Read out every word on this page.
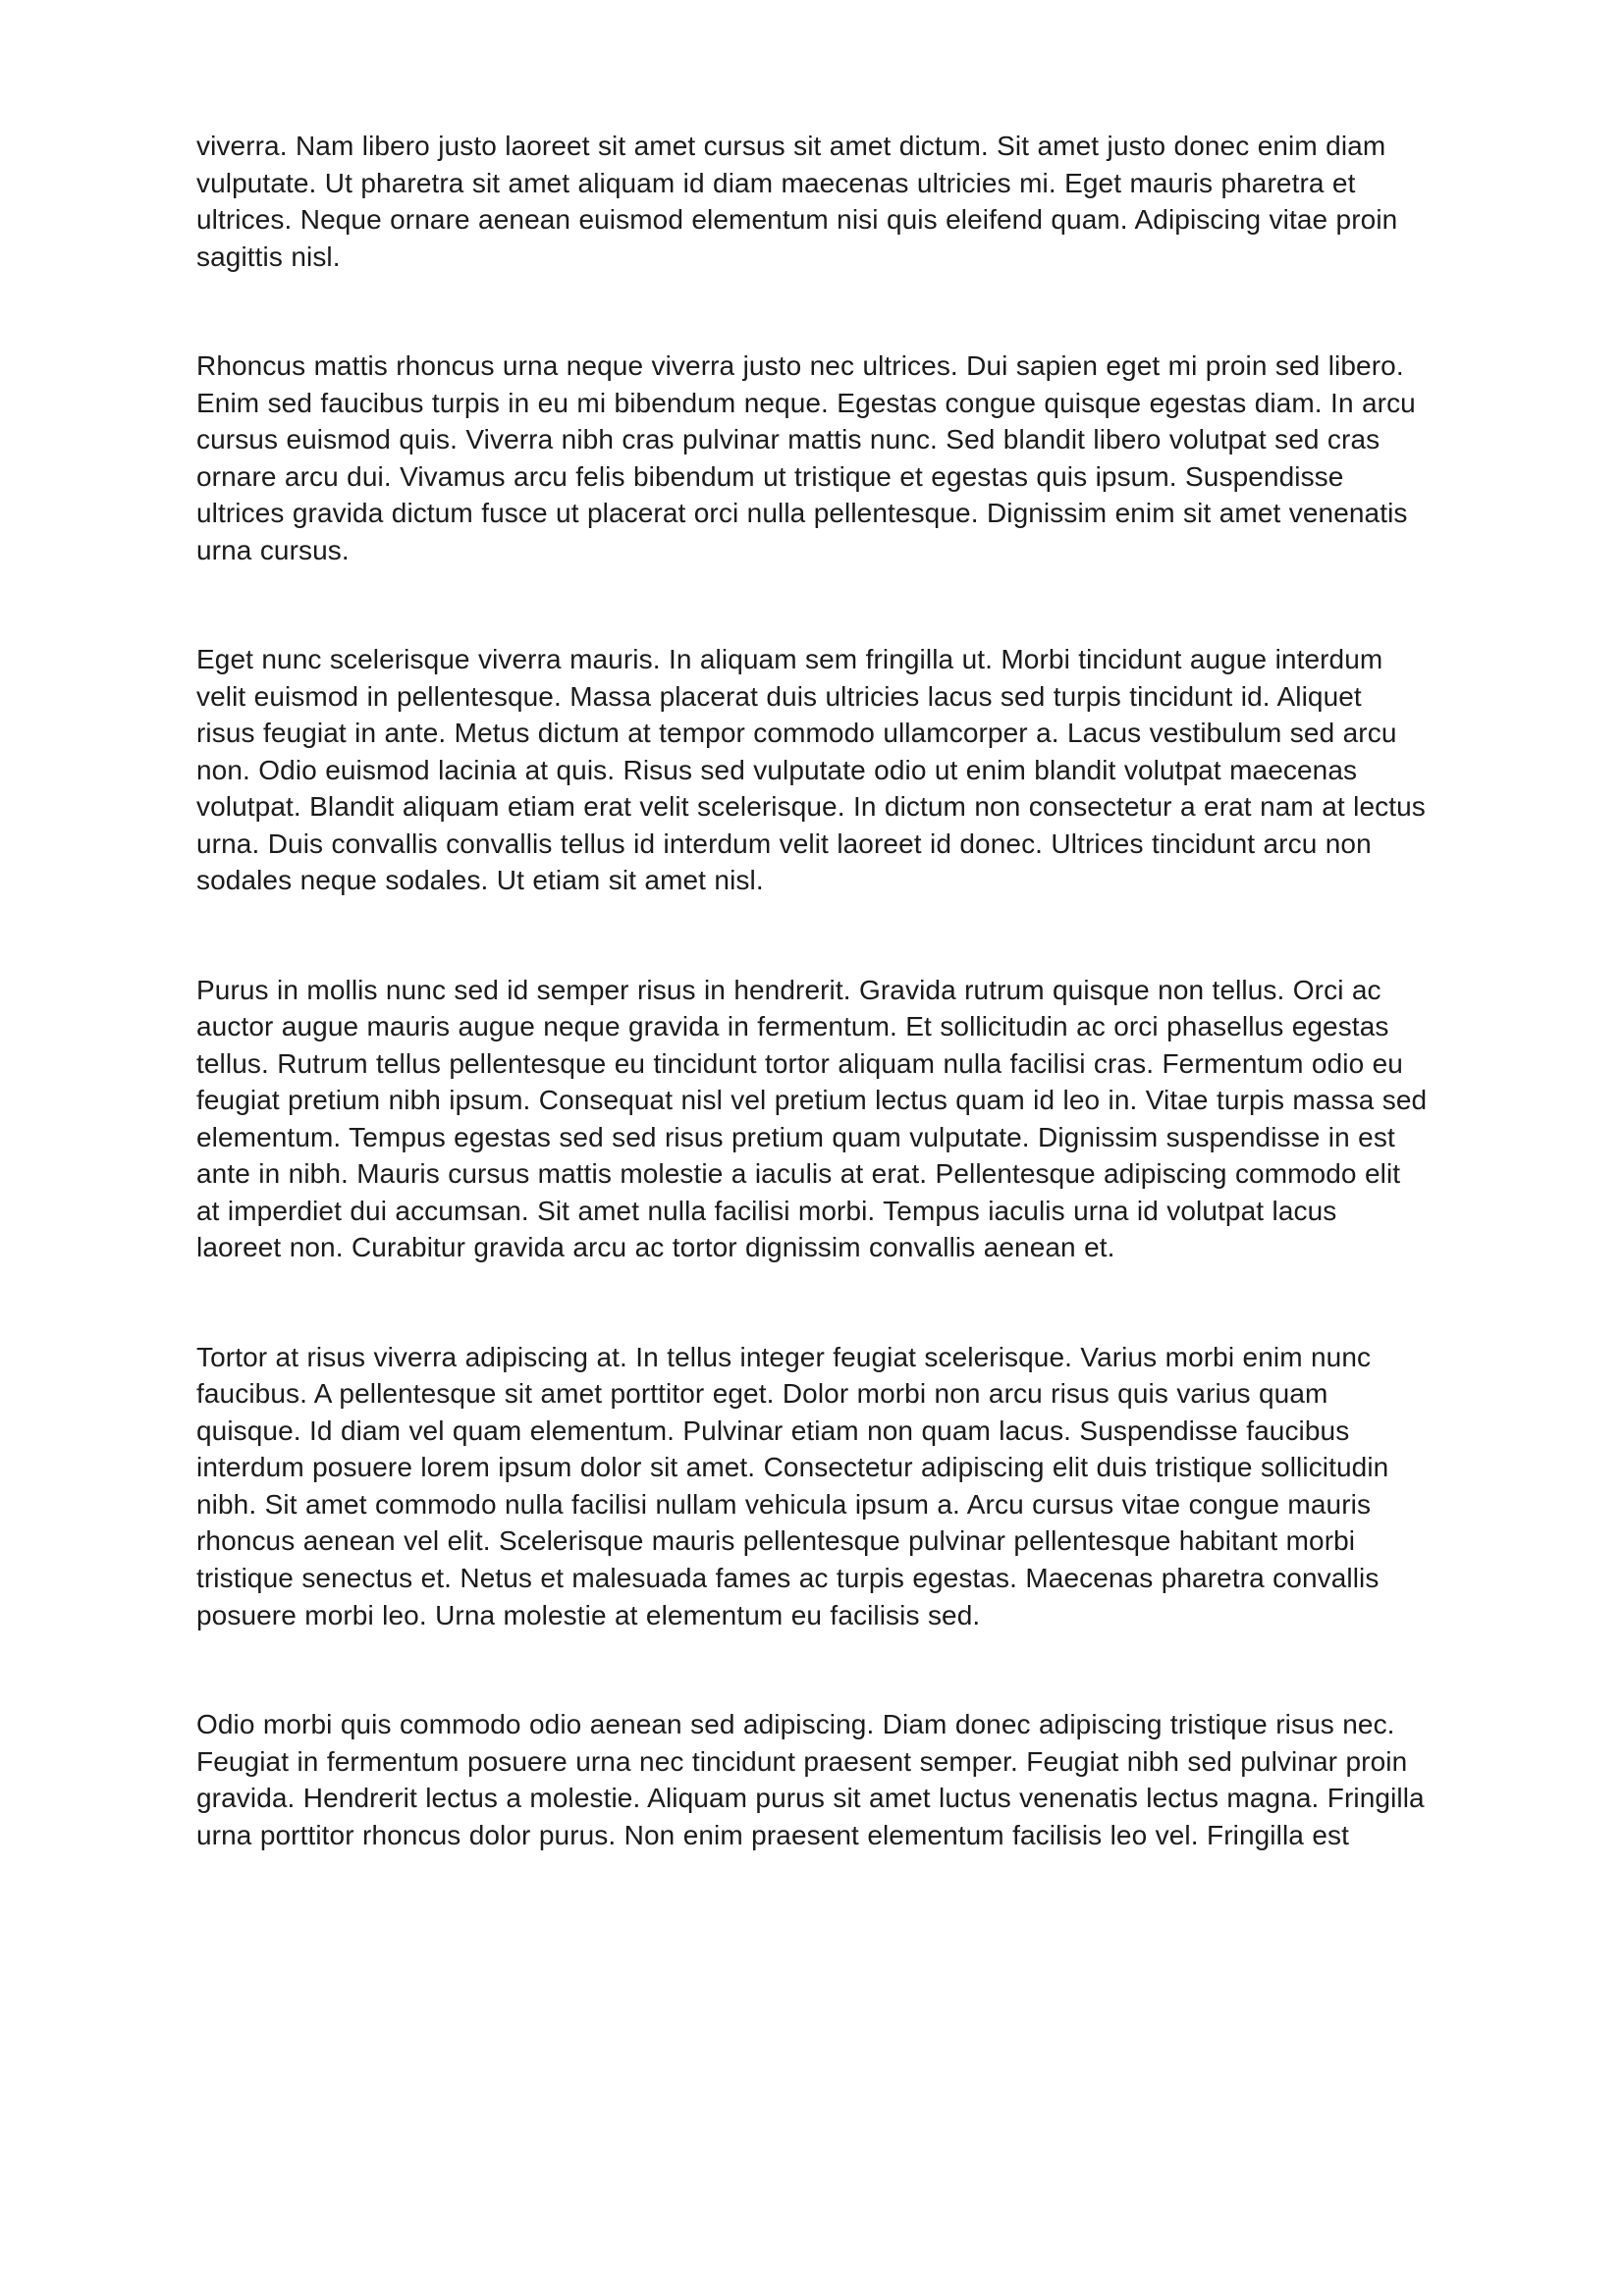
viverra. Nam libero justo laoreet sit amet cursus sit amet dictum. Sit amet justo donec enim diam vulputate. Ut pharetra sit amet aliquam id diam maecenas ultricies mi. Eget mauris pharetra et ultrices. Neque ornare aenean euismod elementum nisi quis eleifend quam. Adipiscing vitae proin sagittis nisl.

Rhoncus mattis rhoncus urna neque viverra justo nec ultrices. Dui sapien eget mi proin sed libero. Enim sed faucibus turpis in eu mi bibendum neque. Egestas congue quisque egestas diam. In arcu cursus euismod quis. Viverra nibh cras pulvinar mattis nunc. Sed blandit libero volutpat sed cras ornare arcu dui. Vivamus arcu felis bibendum ut tristique et egestas quis ipsum. Suspendisse ultrices gravida dictum fusce ut placerat orci nulla pellentesque. Dignissim enim sit amet venenatis urna cursus.

Eget nunc scelerisque viverra mauris. In aliquam sem fringilla ut. Morbi tincidunt augue interdum velit euismod in pellentesque. Massa placerat duis ultricies lacus sed turpis tincidunt id. Aliquet risus feugiat in ante. Metus dictum at tempor commodo ullamcorper a. Lacus vestibulum sed arcu non. Odio euismod lacinia at quis. Risus sed vulputate odio ut enim blandit volutpat maecenas volutpat. Blandit aliquam etiam erat velit scelerisque. In dictum non consectetur a erat nam at lectus urna. Duis convallis convallis tellus id interdum velit laoreet id donec. Ultrices tincidunt arcu non sodales neque sodales. Ut etiam sit amet nisl.

Purus in mollis nunc sed id semper risus in hendrerit. Gravida rutrum quisque non tellus. Orci ac auctor augue mauris augue neque gravida in fermentum. Et sollicitudin ac orci phasellus egestas tellus. Rutrum tellus pellentesque eu tincidunt tortor aliquam nulla facilisi cras. Fermentum odio eu feugiat pretium nibh ipsum. Consequat nisl vel pretium lectus quam id leo in. Vitae turpis massa sed elementum. Tempus egestas sed sed risus pretium quam vulputate. Dignissim suspendisse in est ante in nibh. Mauris cursus mattis molestie a iaculis at erat. Pellentesque adipiscing commodo elit at imperdiet dui accumsan. Sit amet nulla facilisi morbi. Tempus iaculis urna id volutpat lacus laoreet non. Curabitur gravida arcu ac tortor dignissim convallis aenean et.

Tortor at risus viverra adipiscing at. In tellus integer feugiat scelerisque. Varius morbi enim nunc faucibus. A pellentesque sit amet porttitor eget. Dolor morbi non arcu risus quis varius quam quisque. Id diam vel quam elementum. Pulvinar etiam non quam lacus. Suspendisse faucibus interdum posuere lorem ipsum dolor sit amet. Consectetur adipiscing elit duis tristique sollicitudin nibh. Sit amet commodo nulla facilisi nullam vehicula ipsum a. Arcu cursus vitae congue mauris rhoncus aenean vel elit. Scelerisque mauris pellentesque pulvinar pellentesque habitant morbi tristique senectus et. Netus et malesuada fames ac turpis egestas. Maecenas pharetra convallis posuere morbi leo. Urna molestie at elementum eu facilisis sed.

Odio morbi quis commodo odio aenean sed adipiscing. Diam donec adipiscing tristique risus nec. Feugiat in fermentum posuere urna nec tincidunt praesent semper. Feugiat nibh sed pulvinar proin gravida. Hendrerit lectus a molestie. Aliquam purus sit amet luctus venenatis lectus magna. Fringilla urna porttitor rhoncus dolor purus. Non enim praesent elementum facilisis leo vel. Fringilla est
